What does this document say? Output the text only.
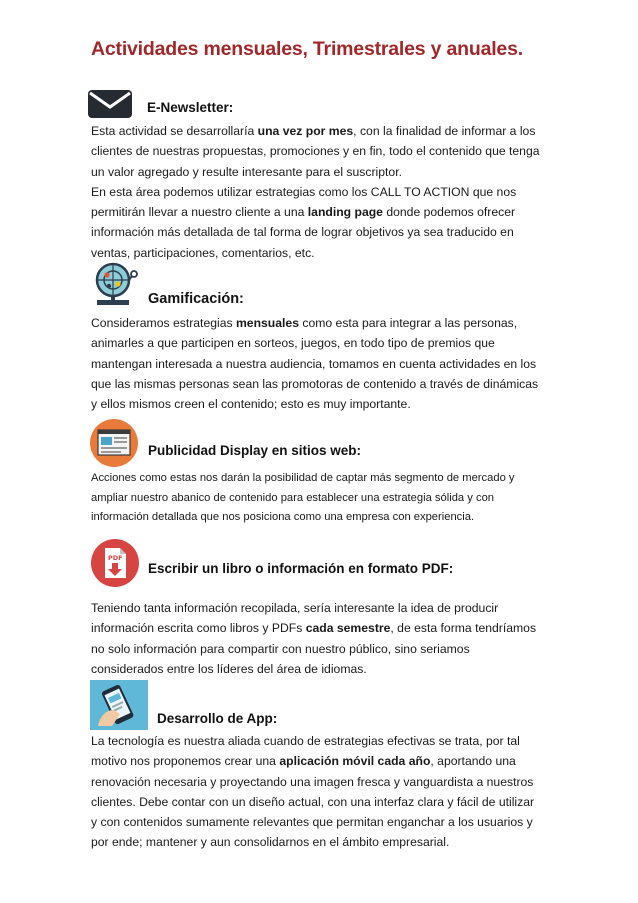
Actividades mensuales, Trimestrales y anuales.
E-Newsletter:
Esta actividad se desarrollaría una vez por mes, con la finalidad de informar a los clientes de nuestras propuestas, promociones y en fin, todo el contenido que tenga un valor agregado y resulte interesante para el suscriptor.
En esta área podemos utilizar estrategias como los CALL TO ACTION que nos permitirán llevar a nuestro cliente a una landing page donde podemos ofrecer información más detallada de tal forma de lograr objetivos ya sea traducido en ventas, participaciones, comentarios, etc.
Gamificación:
Consideramos estrategias mensuales como esta para integrar a las personas, animarles a que participen en sorteos, juegos, en todo tipo de premios que mantengan interesada a nuestra audiencia, tomamos en cuenta actividades en los que las mismas personas sean las promotoras de contenido a través de dinámicas y ellos mismos creen el contenido; esto es muy importante.
Publicidad Display en sitios web:
Acciones como estas nos darán la posibilidad de captar más segmento de mercado y ampliar nuestro abanico de contenido para establecer una estrategia sólida y con información detallada que nos posiciona como una empresa con experiencia.
PDF
Escribir un libro o información en formato PDF:
Teniendo tanta información recopilada, sería interesante la idea de producir información escrita como libros y PDFs cada semestre, de esta forma tendríamos no solo información para compartir con nuestro público, sino seriamos considerados entre los líderes del área de idiomas.
Desarrollo de App:
La tecnología es nuestra aliada cuando de estrategias efectivas se trata, por tal motivo nos proponemos crear una aplicación móvil cada año, aportando una renovación necesaria y proyectando una imagen fresca y vanguardista a nuestros clientes. Debe contar con un diseño actual, con una interfaz clara y fácil de utilizar y con contenidos sumamente relevantes que permitan enganchar a los usuarios y por ende; mantener y aun consolidarnos en el ámbito empresarial.
